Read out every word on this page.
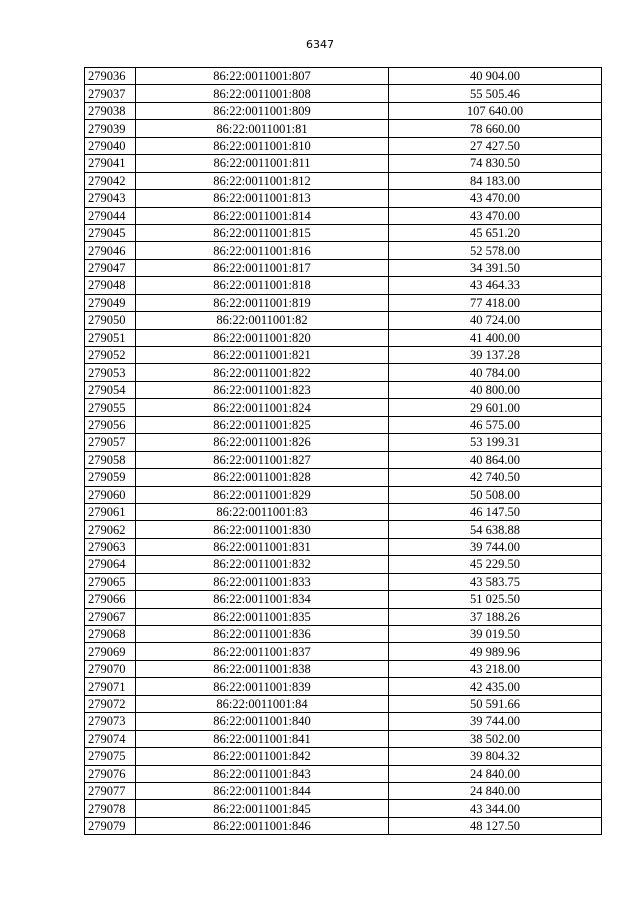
6347
279036	86:22:0011001:807	40 904.00
279037	86:22:0011001:808	55 505.46
279038	86:22:0011001:809	107 640.00
279039	86:22:0011001:81	78 660.00
279040	86:22:0011001:810	27 427.50
279041	86:22:0011001:811	74 830.50
279042	86:22:0011001:812	84 183.00
279043	86:22:0011001:813	43 470.00
279044	86:22:0011001:814	43 470.00
279045	86:22:0011001:815	45 651.20
279046	86:22:0011001:816	52 578.00
279047	86:22:0011001:817	34 391.50
279048	86:22:0011001:818	43 464.33
279049	86:22:0011001:819	77 418.00
279050	86:22:0011001:82	40 724.00
279051	86:22:0011001:820	41 400.00
279052	86:22:0011001:821	39 137.28
279053	86:22:0011001:822	40 784.00
279054	86:22:0011001:823	40 800.00
279055	86:22:0011001:824	29 601.00
279056	86:22:0011001:825	46 575.00
279057	86:22:0011001:826	53 199.31
279058	86:22:0011001:827	40 864.00
279059	86:22:0011001:828	42 740.50
279060	86:22:0011001:829	50 508.00
279061	86:22:0011001:83	46 147.50
279062	86:22:0011001:830	54 638.88
279063	86:22:0011001:831	39 744.00
279064	86:22:0011001:832	45 229.50
279065	86:22:0011001:833	43 583.75
279066	86:22:0011001:834	51 025.50
279067	86:22:0011001:835	37 188.26
279068	86:22:0011001:836	39 019.50
279069	86:22:0011001:837	49 989.96
279070	86:22:0011001:838	43 218.00
279071	86:22:0011001:839	42 435.00
279072	86:22:0011001:84	50 591.66
279073	86:22:0011001:840	39 744.00
279074	86:22:0011001:841	38 502.00
279075	86:22:0011001:842	39 804.32
279076	86:22:0011001:843	24 840.00
279077	86:22:0011001:844	24 840.00
279078	86:22:0011001:845	43 344.00
279079	86:22:0011001:846	48 127.50
